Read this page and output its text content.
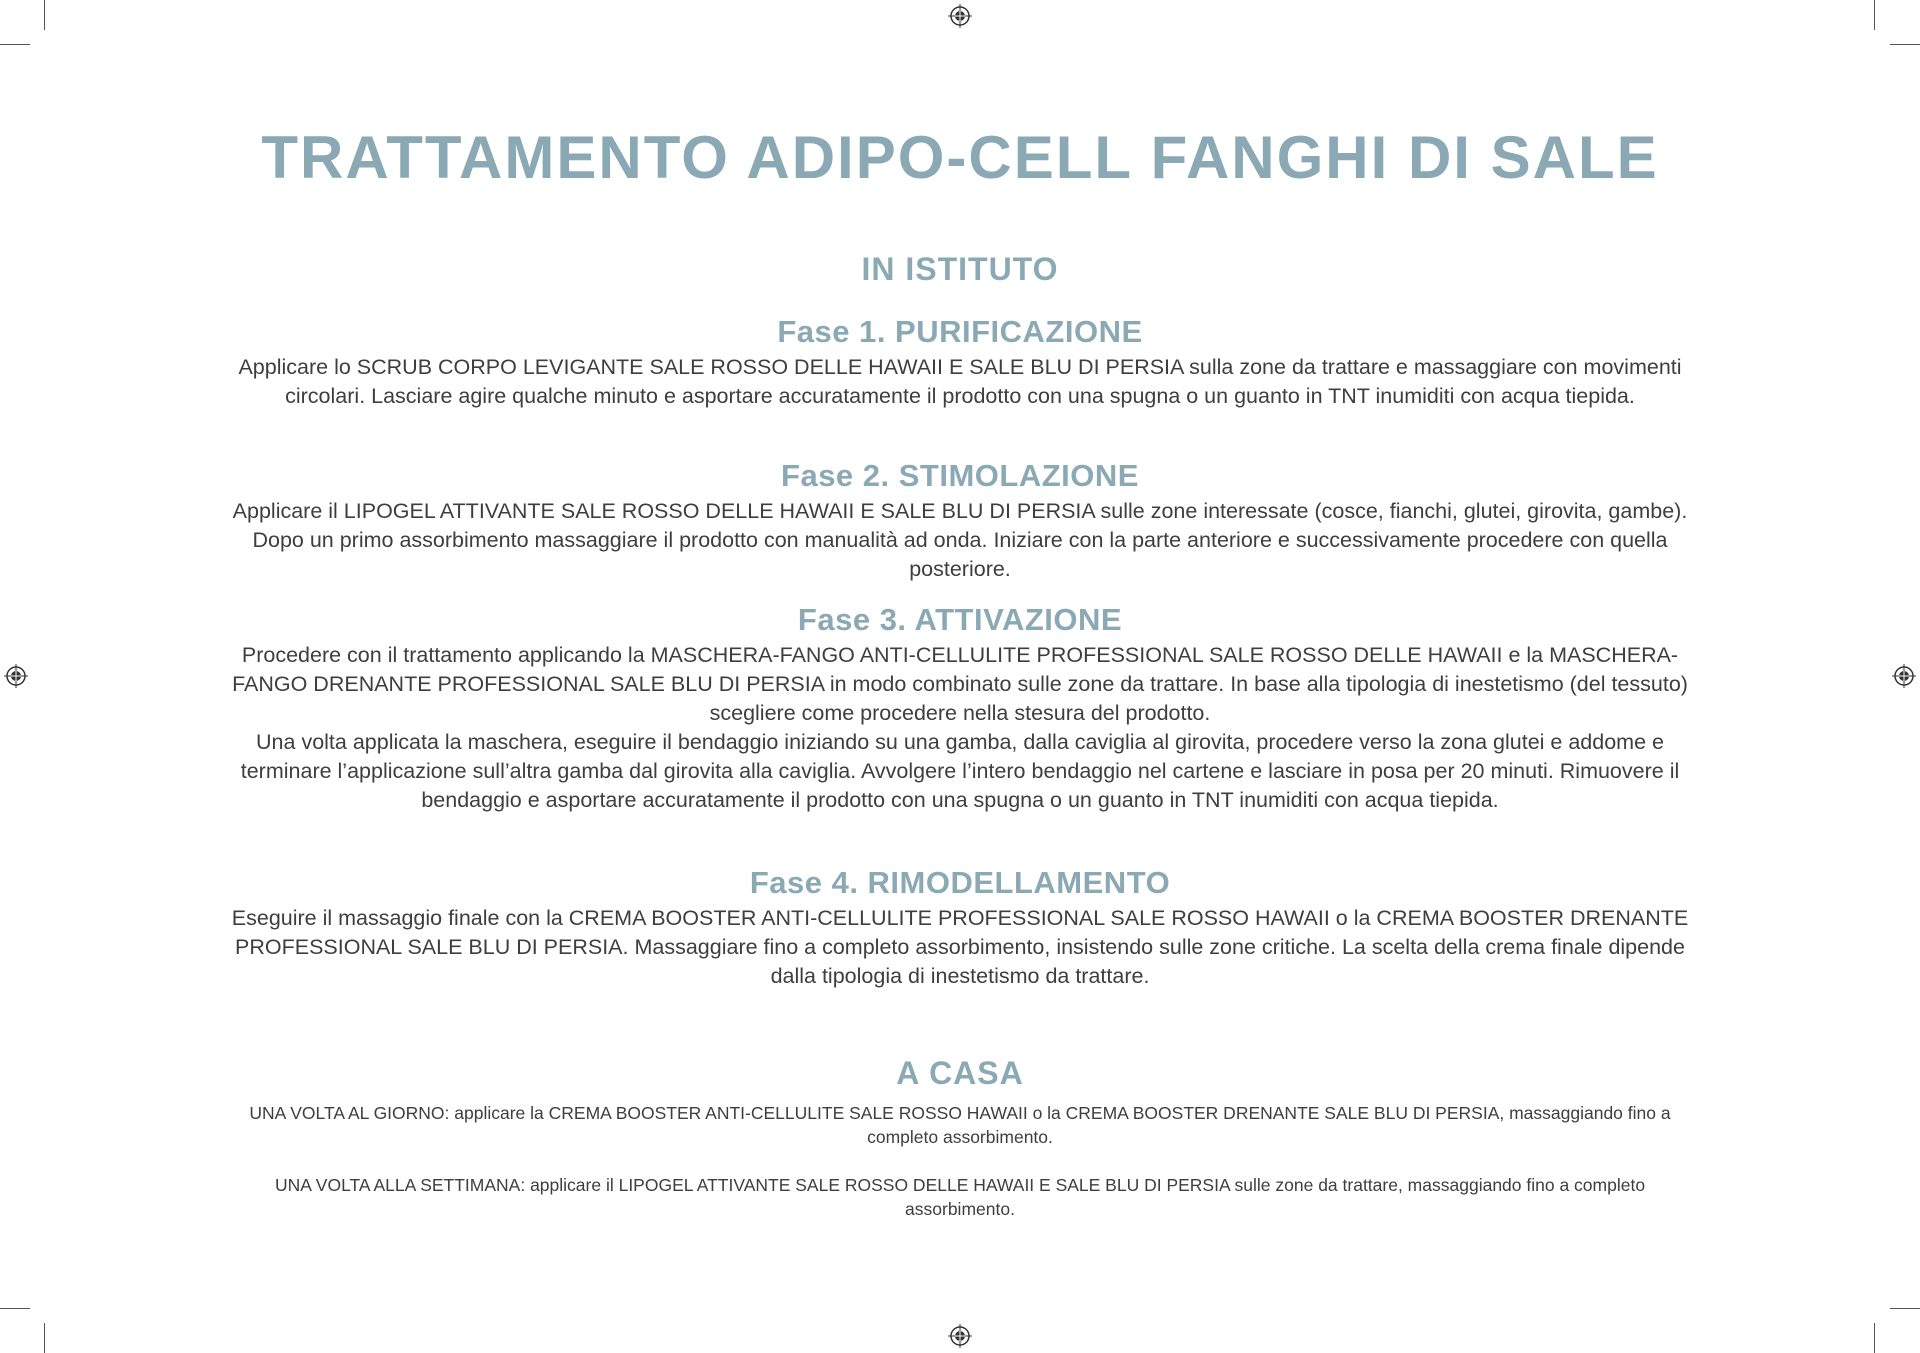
TRATTAMENTO ADIPO-CELL FANGHI DI SALE
IN ISTITUTO
Fase 1. PURIFICAZIONE

Applicare lo SCRUB CORPO LEVIGANTE SALE ROSSO DELLE HAWAII E SALE BLU DI PERSIA sulla zone da trattare e massaggiare con movimenti circolari. Lasciare agire qualche minuto e asportare accuratamente il prodotto con una spugna o un guanto in TNT inumiditi con acqua tiepida.

Fase 2. STIMOLAZIONE

Applicare il LIPOGEL ATTIVANTE SALE ROSSO DELLE HAWAII E SALE BLU DI PERSIA sulle zone interessate (cosce, fianchi, glutei, girovita, gambe). Dopo un primo assorbimento massaggiare il prodotto con manualità ad onda. Iniziare con la parte anteriore e successivamente procedere con quella posteriore.

Fase 3. ATTIVAZIONE

Procedere con il trattamento applicando la MASCHERA-FANGO ANTI-CELLULITE PROFESSIONAL SALE ROSSO DELLE HAWAII e la MASCHERA-FANGO DRENANTE PROFESSIONAL SALE BLU DI PERSIA in modo combinato sulle zone da trattare. In base alla tipologia di inestetismo (del tessuto) scegliere come procedere nella stesura del prodotto.
Una volta applicata la maschera, eseguire il bendaggio iniziando su una gamba, dalla caviglia al girovita, procedere verso la zona glutei e addome e terminare l’applicazione sull’altra gamba dal girovita alla caviglia. Avvolgere l’intero bendaggio nel cartene e lasciare in posa per 20 minuti. Rimuovere il bendaggio e asportare accuratamente il prodotto con una spugna o un guanto in TNT inumiditi con acqua tiepida.

Fase 4. RIMODELLAMENTO

Eseguire il massaggio finale con la CREMA BOOSTER ANTI-CELLULITE PROFESSIONAL SALE ROSSO HAWAII o la CREMA BOOSTER DRENANTE PROFESSIONAL SALE BLU DI PERSIA. Massaggiare fino a completo assorbimento, insistendo sulle zone critiche. La scelta della crema finale dipende dalla tipologia di inestetismo da trattare.

A CASA

UNA VOLTA AL GIORNO: applicare la CREMA BOOSTER ANTI-CELLULITE SALE ROSSO HAWAII o la CREMA BOOSTER DRENANTE SALE BLU DI PERSIA, massaggiando fino a completo assorbimento.

UNA VOLTA ALLA SETTIMANA: applicare il LIPOGEL ATTIVANTE SALE ROSSO DELLE HAWAII E SALE BLU DI PERSIA sulle zone da trattare, massaggiando fino a completo assorbimento.
